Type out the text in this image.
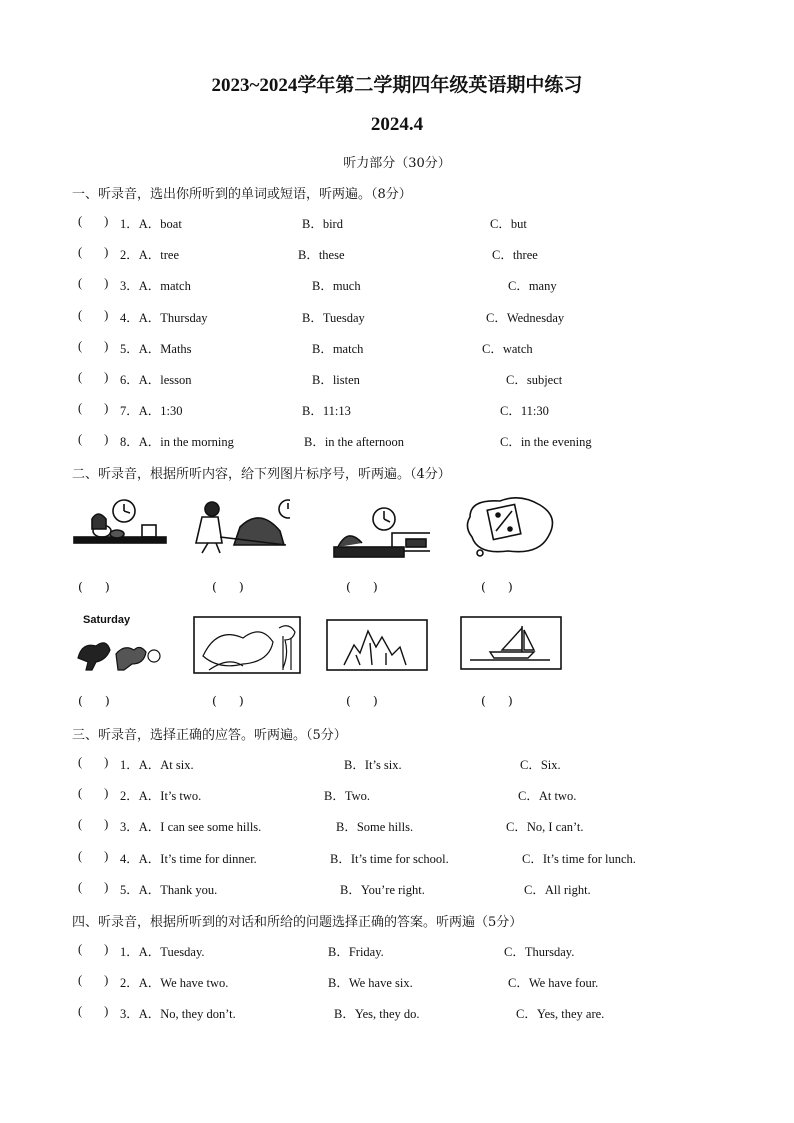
2023~2024学年第二学期四年级英语期中练习
2024.4
听力部分（30分）
一、听录音，选出你所听到的单词或短语，听两遍。（8分）
( )
1．A．boat	B．bird	C．but
( )
2．A．tree	B．these	C．three
( )
3．A．match	B．much	C．many
( )
4．A．Thursday	B．Tuesday	C．Wednesday
( )
5．A．Maths	B．match	C．watch
( )
6．A．lesson	B．listen	C．subject
( )
7．A．1:30	B．11:13	C．11:30
( )
8．A．in the morning	B．in the afternoon	C．in the evening
二、听录音，根据所听内容，给下列图片标序号，听两遍。（4分）
( )
( )
( )
( )
Saturday
( )
( )
( )
( )
三、听录音，选择正确的应答。听两遍。（5分）
( )
1．A．At six.	B．It’s six.	C．Six.
( )
2．A．It’s two.	B．Two.	C．At two.
( )
3．A．I can see some hills.	B．Some hills.	C．No, I can’t.
( )
4．A．It’s time for dinner.	B．It’s time for school.	C．It’s time for lunch.
( )
5．A．Thank you.	B．You’re right.	C．All right.
四、听录音，根据所听到的对话和所给的问题选择正确的答案。听两遍（5分）
( )
1．A．Tuesday.	B．Friday.	C．Thursday.
( )
2．A．We have two.	B．We have six.	C．We have four.
( )
3．A．No, they don’t.	B．Yes, they do.	C．Yes, they are.
